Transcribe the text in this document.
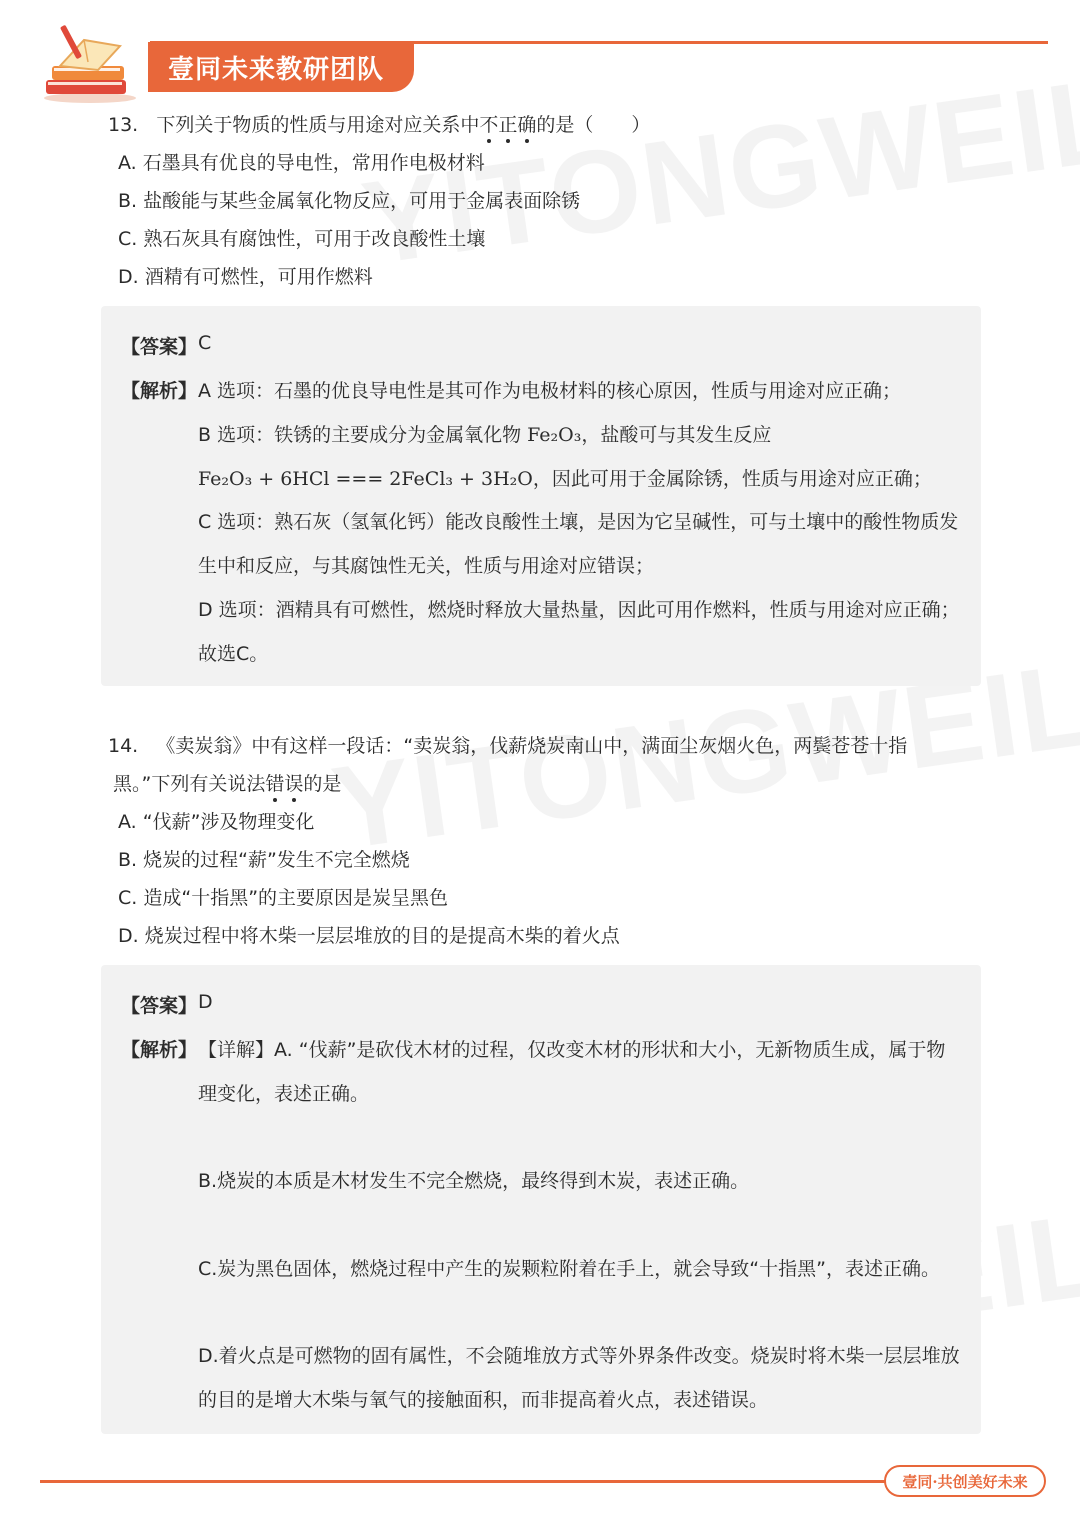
壹同未来教研团队
13. 下列关于物质的性质与用途对应关系中不正确的是（　　）
A. 石墨具有优良的导电性，常用作电极材料
B. 盐酸能与某些金属氧化物反应，可用于金属表面除锈
C. 熟石灰具有腐蚀性，可用于改良酸性土壤
D. 酒精有可燃性，可用作燃料
【答案】 C
【解析】 A 选项：石墨的优良导电性是其可作为电极材料的核心原因，性质与用途对应正确；
B 选项：铁锈的主要成分为金属氧化物 Fe₂O₃，盐酸可与其发生反应
Fe₂O₃ + 6HCl === 2FeCl₃ + 3H₂O，因此可用于金属除锈，性质与用途对应正确；
C 选项：熟石灰（氢氧化钙）能改良酸性土壤，是因为它呈碱性，可与土壤中的酸性物质发
生中和反应，与其腐蚀性无关，性质与用途对应错误；
D 选项：酒精具有可燃性，燃烧时释放大量热量，因此可用作燃料，性质与用途对应正确；
故选C。
14. 《卖炭翁》中有这样一段话：“卖炭翁，伐薪烧炭南山中，满面尘灰烟火色，两鬓苍苍十指
黑。”下列有关说法错误的是
A. “伐薪”涉及物理变化
B. 烧炭的过程“薪”发生不完全燃烧
C. 造成“十指黑”的主要原因是炭呈黑色
D. 烧炭过程中将木柴一层层堆放的目的是提高木柴的着火点
【答案】 D
【解析】 【详解】A. “伐薪”是砍伐木材的过程，仅改变木材的形状和大小，无新物质生成，属于物
理变化，表述正确。
B.烧炭的本质是木材发生不完全燃烧，最终得到木炭，表述正确。
C.炭为黑色固体，燃烧过程中产生的炭颗粒附着在手上，就会导致“十指黑”，表述正确。
D.着火点是可燃物的固有属性，不会随堆放方式等外界条件改变。烧炭时将木柴一层层堆放
的目的是增大木柴与氧气的接触面积，而非提高着火点，表述错误。
壹同·共创美好未来
